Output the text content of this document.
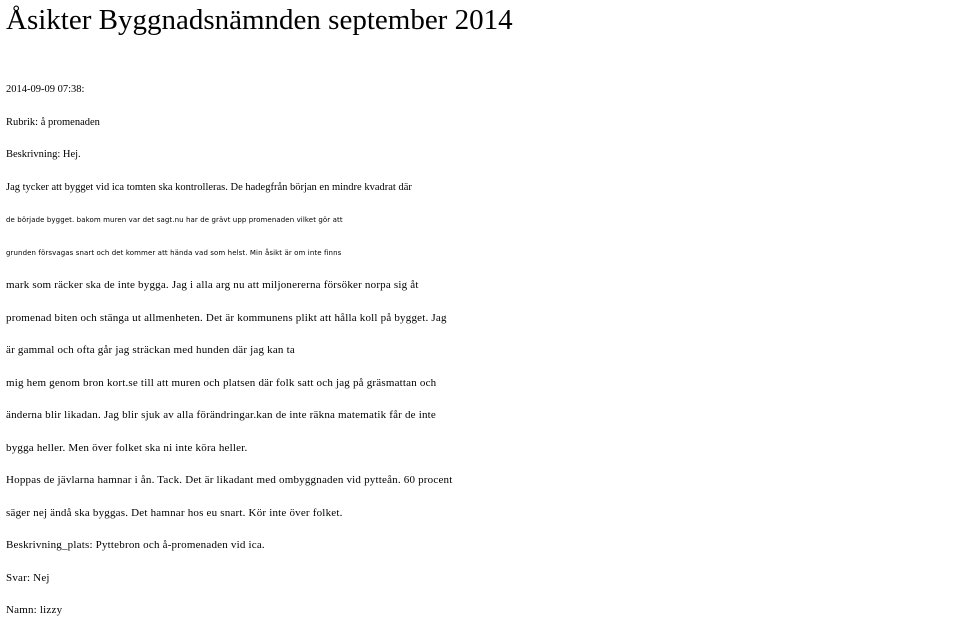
Åsikter Byggnadsnämnden september 2014
2014-09-09 07:38:
Rubrik: å promenaden
Beskrivning: Hej.
Jag tycker att bygget vid ica tomten ska kontrolleras. De hadegfrån början en mindre kvadrat där
de började bygget. bakom muren var det sagt.nu har de grävt upp promenaden vilket gör att
grunden försvagas snart och det kommer att hända vad som helst. Min åsikt är om inte finns
mark som räcker ska de inte bygga. Jag i alla arg nu att miljonererna försöker norpa sig åt
promenad biten och stänga ut allmenheten. Det är kommunens plikt att hålla koll på bygget. Jag
är gammal och ofta går jag sträckan med hunden där jag kan ta
mig hem genom bron kort.se till att muren och platsen där folk satt och jag på gräsmattan och
änderna blir likadan. Jag blir sjuk av alla förändringar.kan de inte räkna matematik får de inte
bygga heller. Men över folket ska ni inte köra heller.
Hoppas de jävlarna hamnar i ån. Tack. Det är likadant med ombyggnaden vid pytteån. 60 procent
säger nej ändå ska byggas. Det hamnar hos eu snart. Kör inte över folket.
Beskrivning_plats: Pyttebron och å-promenaden vid ica.
Svar: Nej
Namn: lizzy
